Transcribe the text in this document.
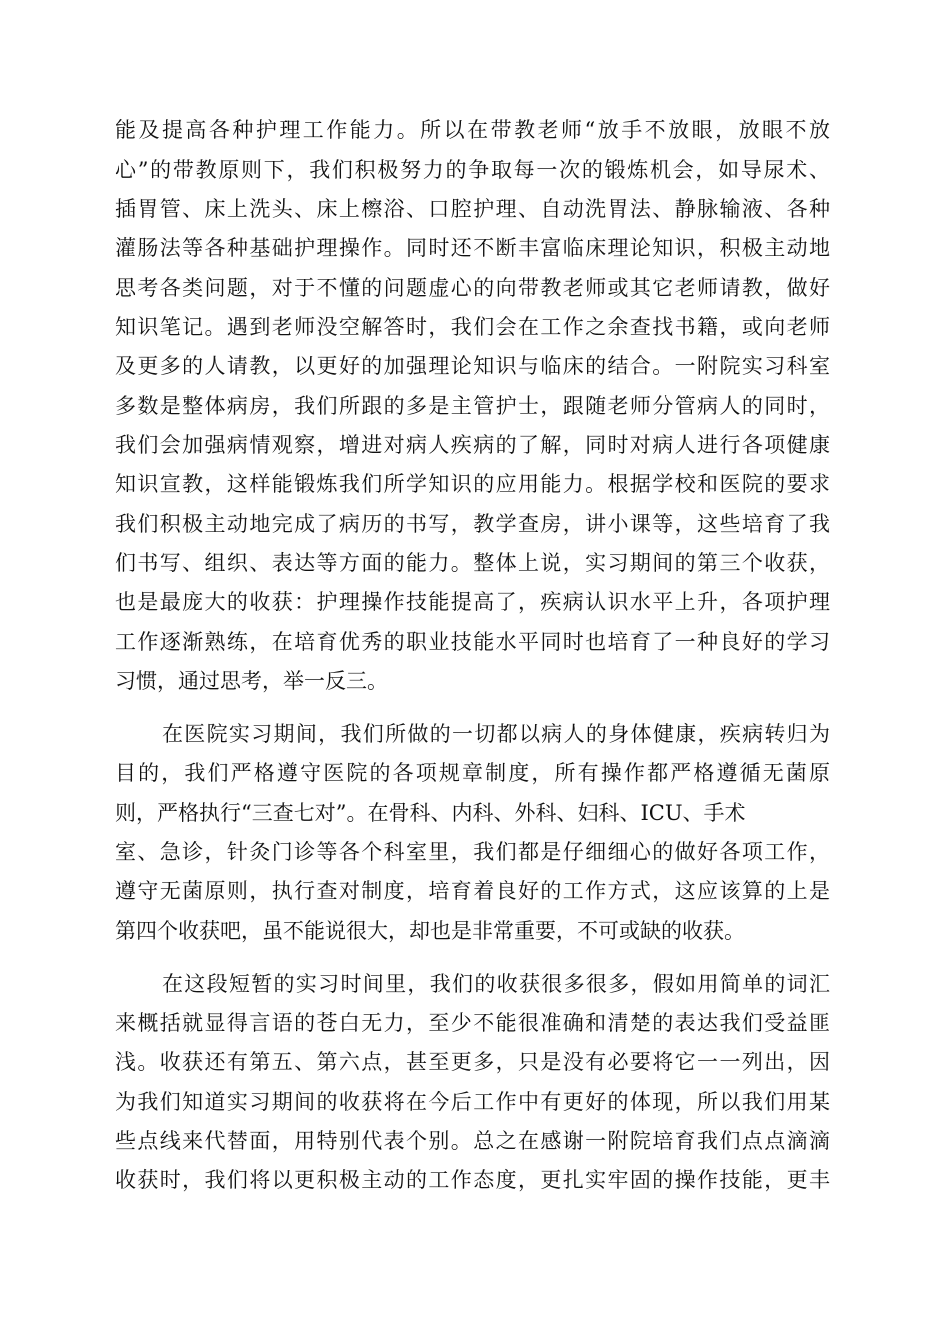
能及提高各种护理工作能力。所以在带教老师“放手不放眼，放眼不放
心”的带教原则下，我们积极努力的争取每一次的锻炼机会，如导尿术、
插胃管、床上洗头、床上檫浴、口腔护理、自动洗胃法、静脉输液、各种
灌肠法等各种基础护理操作。同时还不断丰富临床理论知识，积极主动地
思考各类问题，对于不懂的问题虚心的向带教老师或其它老师请教，做好
知识笔记。遇到老师没空解答时，我们会在工作之余查找书籍，或向老师
及更多的人请教，以更好的加强理论知识与临床的结合。一附院实习科室
多数是整体病房，我们所跟的多是主管护士，跟随老师分管病人的同时，
我们会加强病情观察，增进对病人疾病的了解，同时对病人进行各项健康
知识宣教，这样能锻炼我们所学知识的应用能力。根据学校和医院的要求
我们积极主动地完成了病历的书写，教学查房，讲小课等，这些培育了我
们书写、组织、表达等方面的能力。整体上说，实习期间的第三个收获，
也是最庞大的收获：护理操作技能提高了，疾病认识水平上升，各项护理
工作逐渐熟练，在培育优秀的职业技能水平同时也培育了一种良好的学习
习惯，通过思考，举一反三。
在医院实习期间，我们所做的一切都以病人的身体健康，疾病转归为
目的，我们严格遵守医院的各项规章制度，所有操作都严格遵循无菌原
则，严格执行“三查七对”。在骨科、内科、外科、妇科、ICU、手术
室、急诊，针灸门诊等各个科室里，我们都是仔细细心的做好各项工作，
遵守无菌原则，执行查对制度，培育着良好的工作方式，这应该算的上是
第四个收获吧，虽不能说很大，却也是非常重要，不可或缺的收获。
在这段短暂的实习时间里，我们的收获很多很多，假如用简单的词汇
来概括就显得言语的苍白无力，至少不能很准确和清楚的表达我们受益匪
浅。收获还有第五、第六点，甚至更多，只是没有必要将它一一列出，因
为我们知道实习期间的收获将在今后工作中有更好的体现，所以我们用某
些点线来代替面，用特别代表个别。总之在感谢一附院培育我们点点滴滴
收获时，我们将以更积极主动的工作态度，更扎实牢固的操作技能，更丰
